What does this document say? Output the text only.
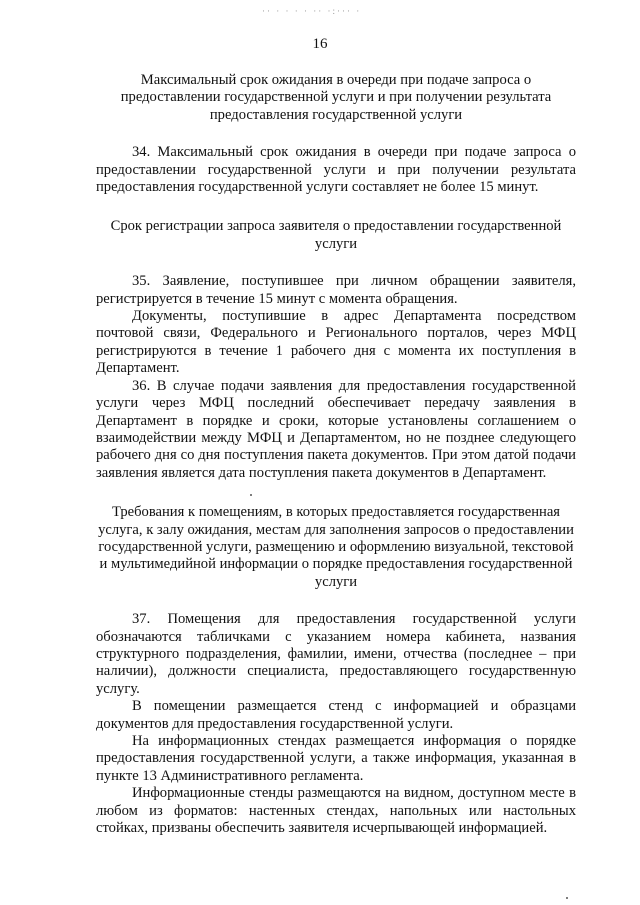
·· · · · · ·· ·:··· ·
16

Максимальный срок ожидания в очереди при подаче запроса о предоставлении государственной услуги и при получении результата предоставления государственной услуги

34. Максимальный срок ожидания в очереди при подаче запроса о предоставлении государственной услуги и при получении результата предоставления государственной услуги составляет не более 15 минут.

Срок регистрации запроса заявителя о предоставлении государственной услуги

35. Заявление, поступившее при личном обращении заявителя, регистрируется в течение 15 минут с момента обращения.

Документы, поступившие в адрес Департамента посредством почтовой связи, Федерального и Регионального порталов, через МФЦ регистрируются в течение 1 рабочего дня с момента их поступления в Департамент.

36. В случае подачи заявления для предоставления государственной услуги через МФЦ последний обеспечивает передачу заявления в Департамент в порядке и сроки, которые установлены соглашением о взаимодействии между МФЦ и Департаментом, но не позднее следующего рабочего дня со дня поступления пакета документов. При этом датой подачи заявления является дата поступления пакета документов в Департамент.

Требования к помещениям, в которых предоставляется государственная услуга, к залу ожидания, местам для заполнения запросов о предоставлении государственной услуги, размещению и оформлению визуальной, текстовой и мультимедийной информации о порядке предоставления государственной услуги

37. Помещения для предоставления государственной услуги обозначаются табличками с указанием номера кабинета, названия структурного подразделения, фамилии, имени, отчества (последнее – при наличии), должности специалиста, предоставляющего государственную услугу.

В помещении размещается стенд с информацией и образцами документов для предоставления государственной услуги.

На информационных стендах размещается информация о порядке предоставления государственной услуги, а также информация, указанная в пункте 13 Административного регламента.

Информационные стенды размещаются на видном, доступном месте в любом из форматов: настенных стендах, напольных или настольных стойках, призваны обеспечить заявителя исчерпывающей информацией.
